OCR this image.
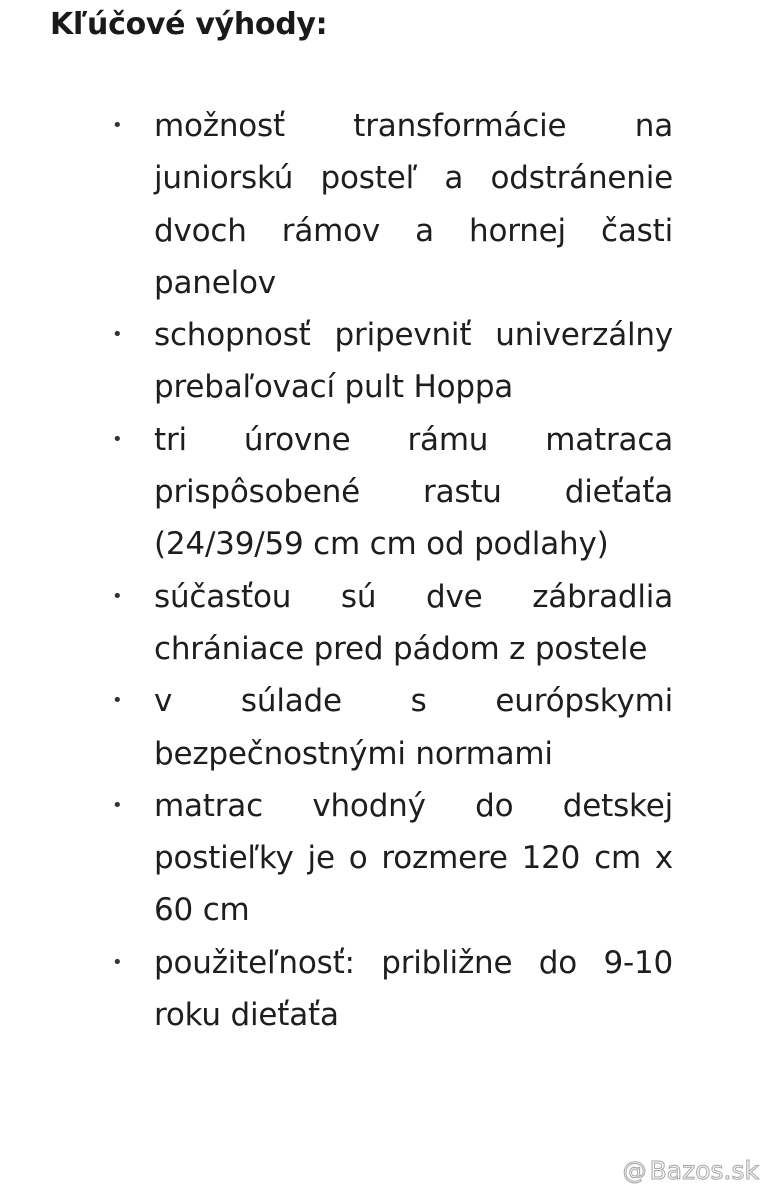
Kľúčové výhody:
• možnosť transformácie na juniorskú posteľ a odstránenie dvoch rámov a hornej časti panelov
• schopnosť pripevniť univerzálny prebaľovací pult Hoppa
• tri úrovne rámu matraca prispôsobené rastu dieťaťa (24/39/59 cm cm od podlahy)
• súčasťou sú dve zábradlia chrániace pred pádom z postele
• v súlade s európskymi bezpečnostnými normami
• matrac vhodný do detskej postieľky je o rozmere 120 cm x 60 cm
• použiteľnosť: približne do 9-10 roku dieťaťa
@ Bazos.sk
